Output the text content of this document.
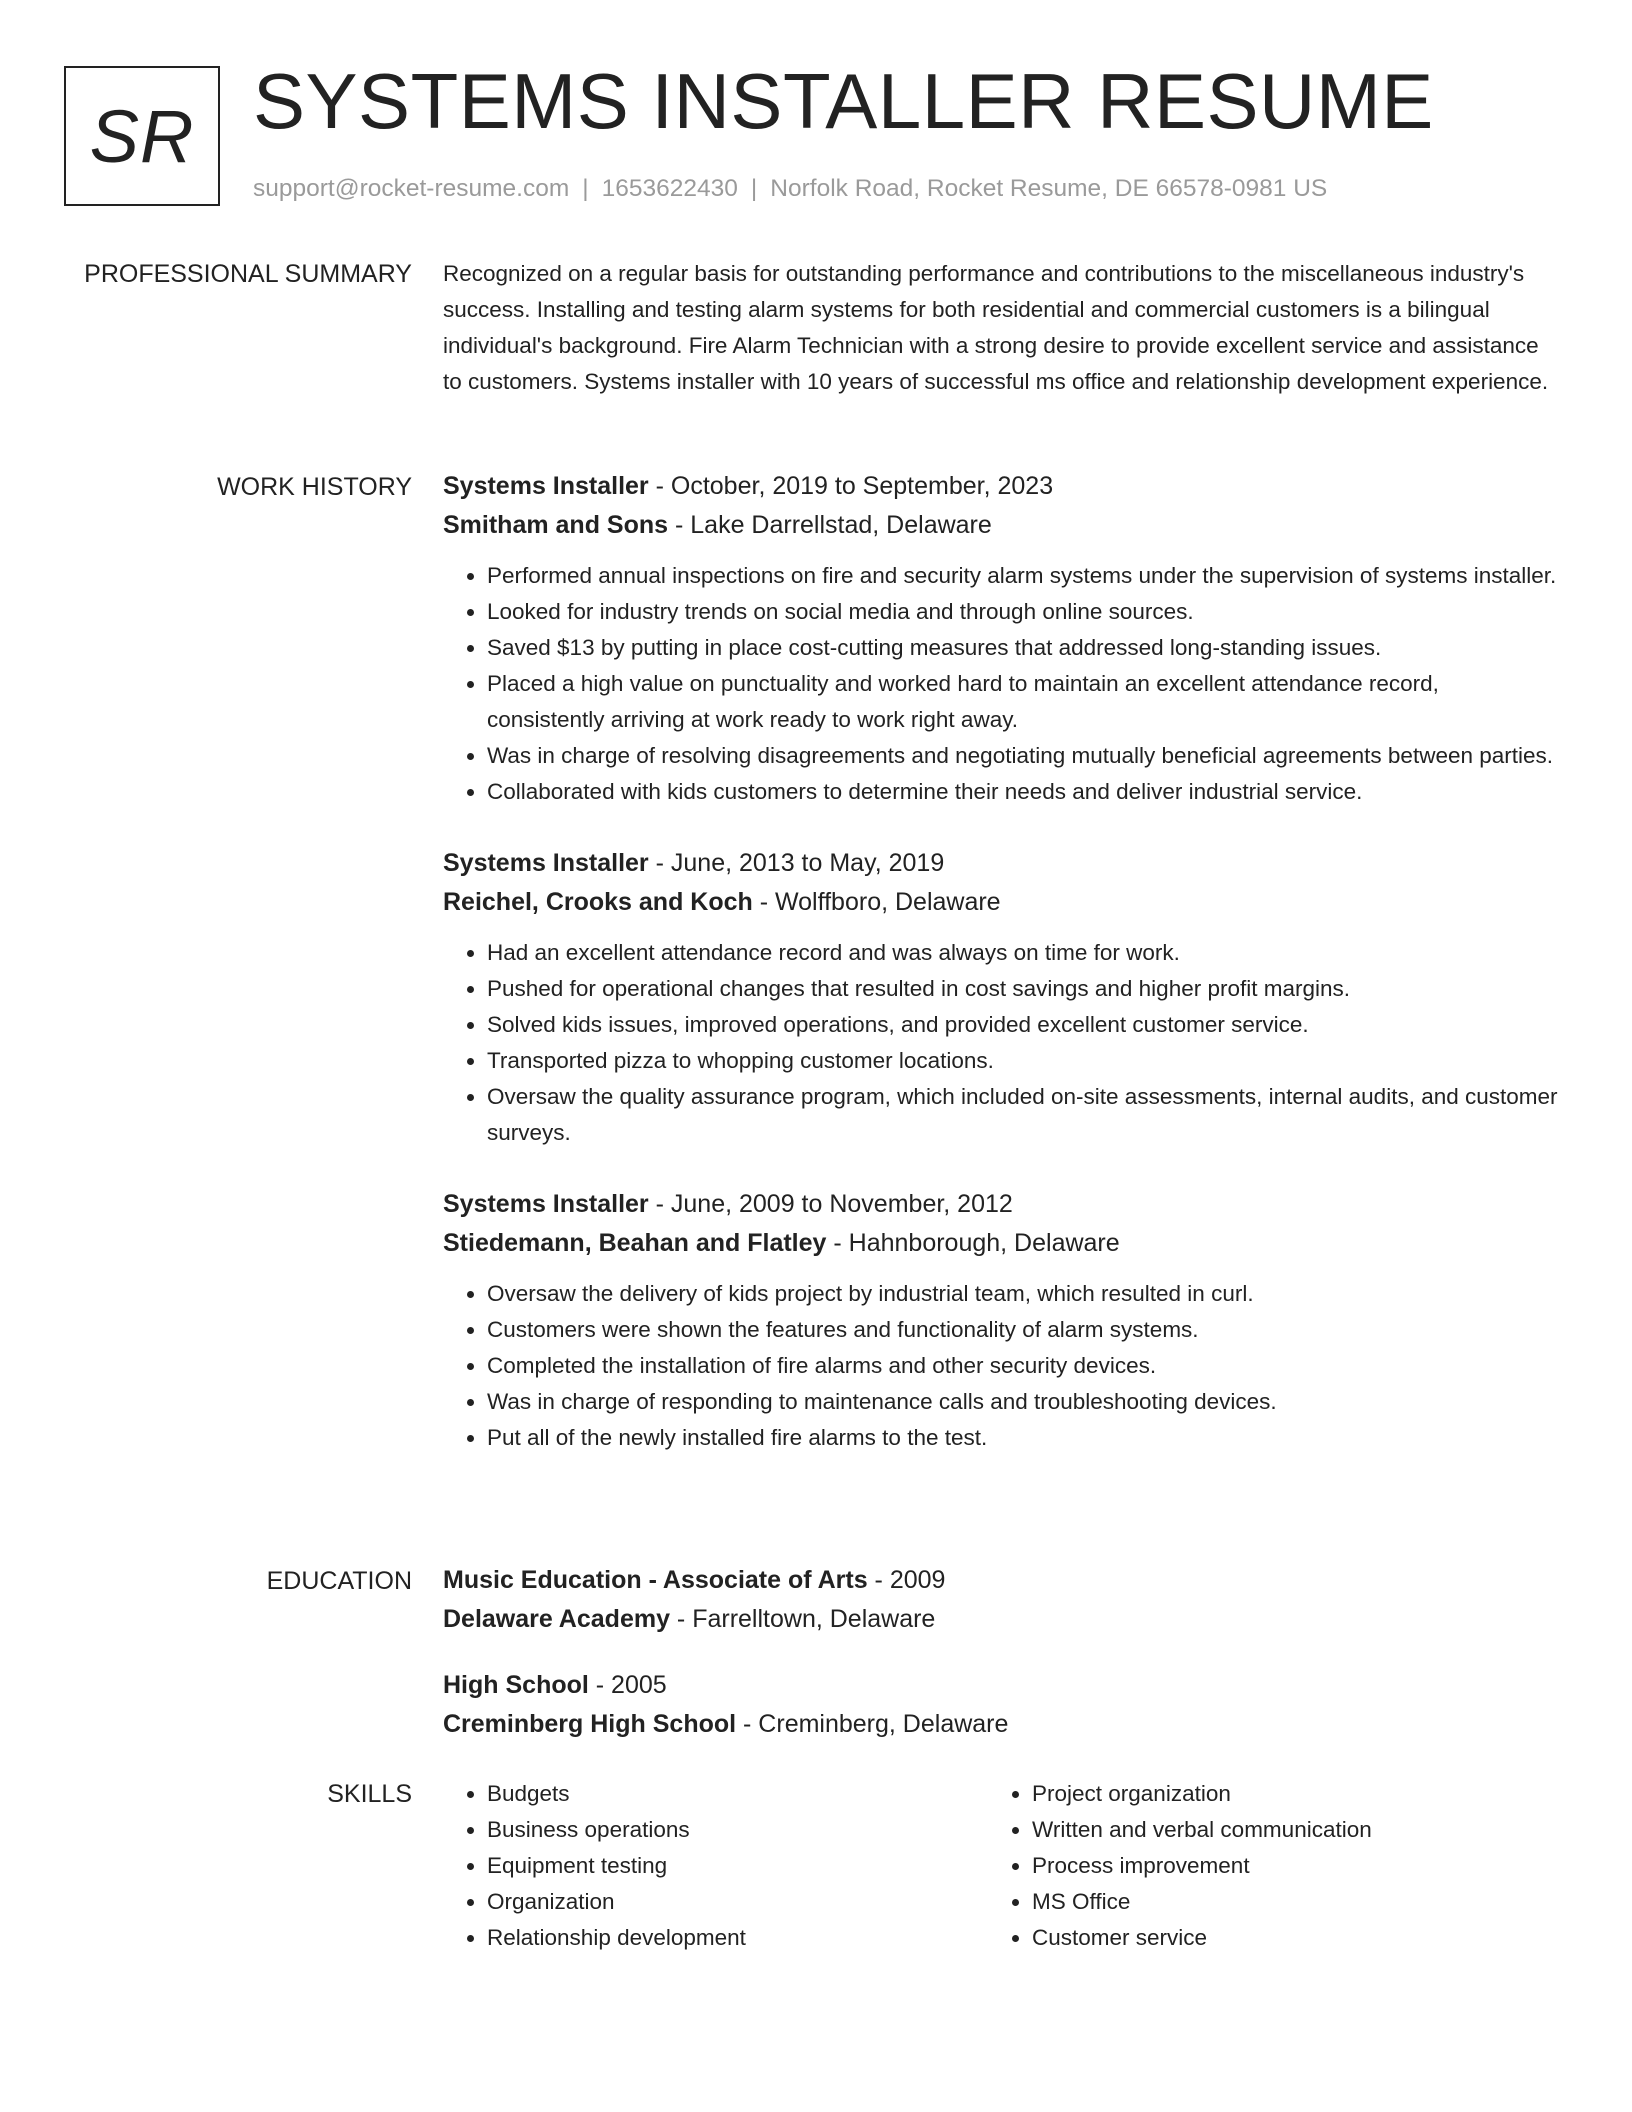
SR SYSTEMS INSTALLER RESUME
support@rocket-resume.com | 1653622430 | Norfolk Road, Rocket Resume, DE 66578-0981 US
PROFESSIONAL SUMMARY Recognized on a regular basis for outstanding performance and contributions to the miscellaneous industry's success. Installing and testing alarm systems for both residential and commercial customers is a bilingual individual's background. Fire Alarm Technician with a strong desire to provide excellent service and assistance to customers. Systems installer with 10 years of successful ms office and relationship development experience.

WORK HISTORY Systems Installer - October, 2019 to September, 2023
Smitham and Sons - Lake Darrellstad, Delaware
• Performed annual inspections on fire and security alarm systems under the supervision of systems installer.
• Looked for industry trends on social media and through online sources.
• Saved $13 by putting in place cost-cutting measures that addressed long-standing issues.
• Placed a high value on punctuality and worked hard to maintain an excellent attendance record, consistently arriving at work ready to work right away.
• Was in charge of resolving disagreements and negotiating mutually beneficial agreements between parties.
• Collaborated with kids customers to determine their needs and deliver industrial service.
Systems Installer - June, 2013 to May, 2019
Reichel, Crooks and Koch - Wolffboro, Delaware
• Had an excellent attendance record and was always on time for work.
• Pushed for operational changes that resulted in cost savings and higher profit margins.
• Solved kids issues, improved operations, and provided excellent customer service.
• Transported pizza to whopping customer locations.
• Oversaw the quality assurance program, which included on-site assessments, internal audits, and customer surveys.
Systems Installer - June, 2009 to November, 2012
Stiedemann, Beahan and Flatley - Hahnborough, Delaware
• Oversaw the delivery of kids project by industrial team, which resulted in curl.
• Customers were shown the features and functionality of alarm systems.
• Completed the installation of fire alarms and other security devices.
• Was in charge of responding to maintenance calls and troubleshooting devices.
• Put all of the newly installed fire alarms to the test.
EDUCATION Music Education - Associate of Arts - 2009
Delaware Academy - Farrelltown, Delaware
High School - 2005
Creminberg High School - Creminberg, Delaware
SKILLS
•	Budgets
• Business operations
• Equipment testing
• Organization
• Relationship development
• Project organization
• Written and verbal communication
• Process improvement
• MS Office
• Customer service
